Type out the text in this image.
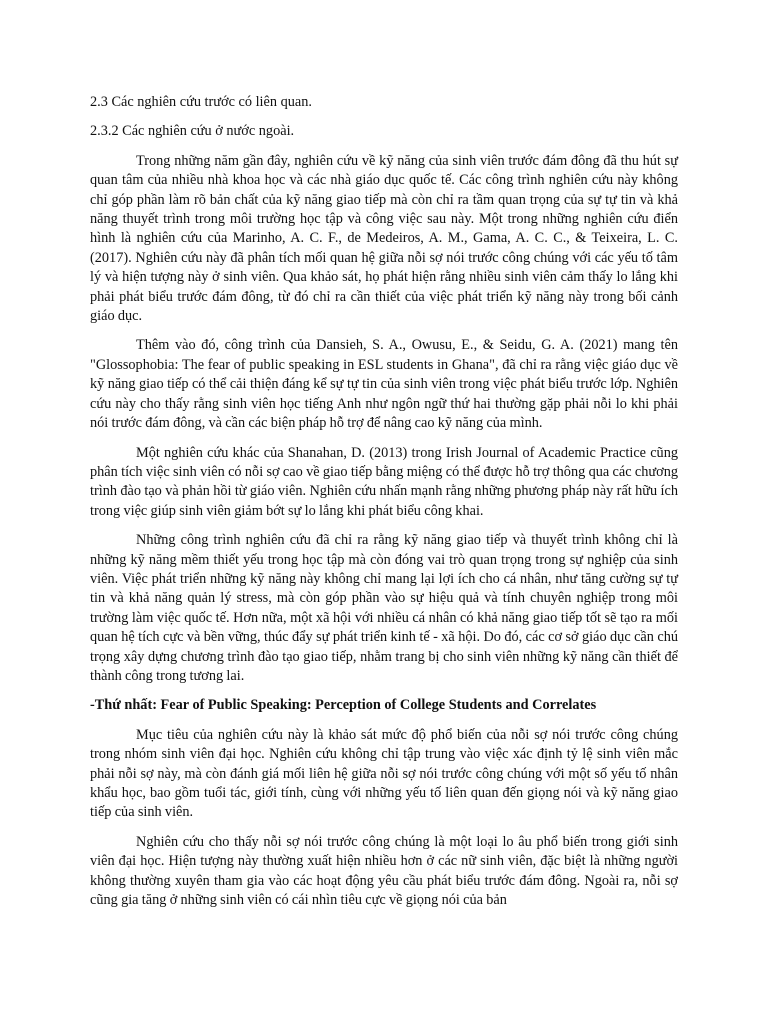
2.3 Các nghiên cứu trước có liên quan.

2.3.2 Các nghiên cứu ở nước ngoài.

Trong những năm gần đây, nghiên cứu về kỹ năng của sinh viên trước đám đông đã thu hút sự quan tâm của nhiều nhà khoa học và các nhà giáo dục quốc tế. Các công trình nghiên cứu này không chỉ góp phần làm rõ bản chất của kỹ năng giao tiếp mà còn chỉ ra tầm quan trọng của sự tự tin và khả năng thuyết trình trong môi trường học tập và công việc sau này. Một trong những nghiên cứu điển hình là nghiên cứu của Marinho, A. C. F., de Medeiros, A. M., Gama, A. C. C., & Teixeira, L. C. (2017). Nghiên cứu này đã phân tích mối quan hệ giữa nỗi sợ nói trước công chúng với các yếu tố tâm lý và hiện tượng này ở sinh viên. Qua khảo sát, họ phát hiện rằng nhiều sinh viên cảm thấy lo lắng khi phải phát biểu trước đám đông, từ đó chỉ ra cần thiết của việc phát triển kỹ năng này trong bối cảnh giáo dục.

Thêm vào đó, công trình của Dansieh, S. A., Owusu, E., & Seidu, G. A. (2021) mang tên "Glossophobia: The fear of public speaking in ESL students in Ghana", đã chỉ ra rằng việc giáo dục về kỹ năng giao tiếp có thể cải thiện đáng kể sự tự tin của sinh viên trong việc phát biểu trước lớp. Nghiên cứu này cho thấy rằng sinh viên học tiếng Anh như ngôn ngữ thứ hai thường gặp phải nỗi lo khi phải nói trước đám đông, và cần các biện pháp hỗ trợ để nâng cao kỹ năng của mình.

Một nghiên cứu khác của Shanahan, D. (2013) trong Irish Journal of Academic Practice cũng phân tích việc sinh viên có nỗi sợ cao về giao tiếp bằng miệng có thể được hỗ trợ thông qua các chương trình đào tạo và phản hồi từ giáo viên. Nghiên cứu nhấn mạnh rằng những phương pháp này rất hữu ích trong việc giúp sinh viên giảm bớt sự lo lắng khi phát biểu công khai.

Những công trình nghiên cứu đã chỉ ra rằng kỹ năng giao tiếp và thuyết trình không chỉ là những kỹ năng mềm thiết yếu trong học tập mà còn đóng vai trò quan trọng trong sự nghiệp của sinh viên. Việc phát triển những kỹ năng này không chỉ mang lại lợi ích cho cá nhân, như tăng cường sự tự tin và khả năng quản lý stress, mà còn góp phần vào sự hiệu quả và tính chuyên nghiệp trong môi trường làm việc quốc tế. Hơn nữa, một xã hội với nhiều cá nhân có khả năng giao tiếp tốt sẽ tạo ra mối quan hệ tích cực và bền vững, thúc đẩy sự phát triển kinh tế - xã hội. Do đó, các cơ sở giáo dục cần chú trọng xây dựng chương trình đào tạo giao tiếp, nhằm trang bị cho sinh viên những kỹ năng cần thiết để thành công trong tương lai.

-Thứ nhất: Fear of Public Speaking: Perception of College Students and Correlates

Mục tiêu của nghiên cứu này là khảo sát mức độ phổ biến của nỗi sợ nói trước công chúng trong nhóm sinh viên đại học. Nghiên cứu không chỉ tập trung vào việc xác định tỷ lệ sinh viên mắc phải nỗi sợ này, mà còn đánh giá mối liên hệ giữa nỗi sợ nói trước công chúng với một số yếu tố nhân khẩu học, bao gồm tuổi tác, giới tính, cùng với những yếu tố liên quan đến giọng nói và kỹ năng giao tiếp của sinh viên.

Nghiên cứu cho thấy nỗi sợ nói trước công chúng là một loại lo âu phổ biến trong giới sinh viên đại học. Hiện tượng này thường xuất hiện nhiều hơn ở các nữ sinh viên, đặc biệt là những người không thường xuyên tham gia vào các hoạt động yêu cầu phát biểu trước đám đông. Ngoài ra, nỗi sợ cũng gia tăng ở những sinh viên có cái nhìn tiêu cực về giọng nói của bản
